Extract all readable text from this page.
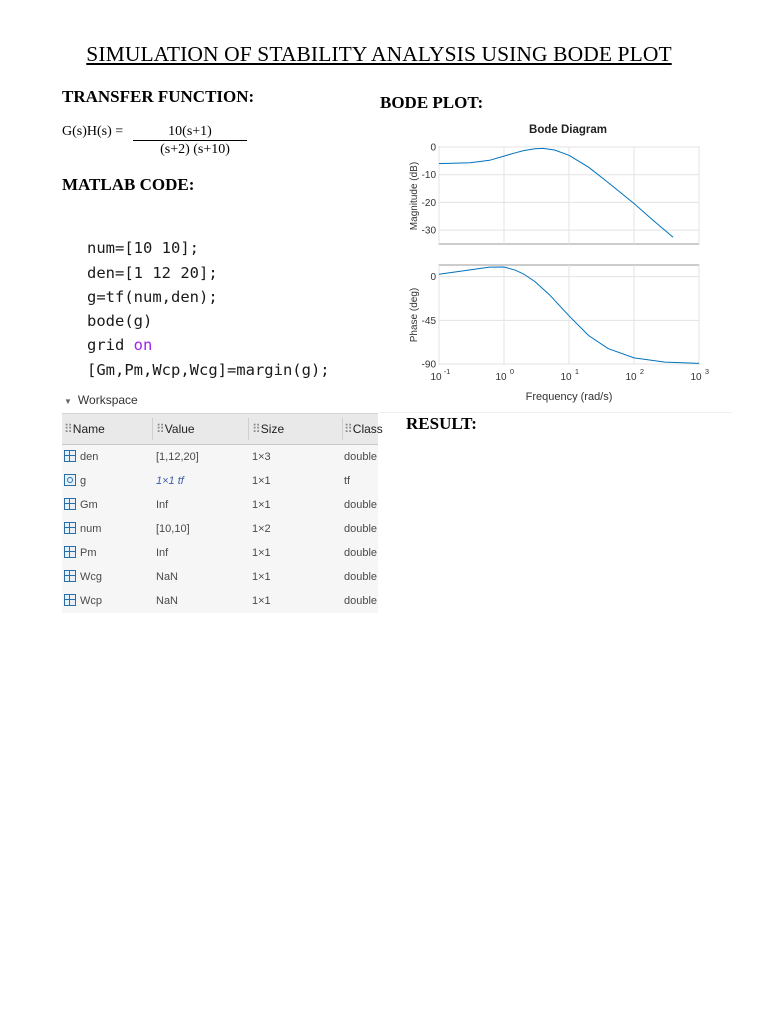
SIMULATION OF STABILITY ANALYSIS USING BODE PLOT
TRANSFER FUNCTION:
G(s)H(s) =	10(s+1)
(s+2) (s+10)
MATLAB CODE:

num=[10 10];
den=[1 12 20];
g=tf(num,den);
bode(g)
grid on
[Gm,Pm,Wcp,Wcg]=margin(g);

▼ Workspace
⠿Name	⠿Value	⠿Size	⠿Class
den	[1,12,20]	1×3	double
g	1×1 tf	1×1	tf
Gm	Inf	1×1	double
num	[10,10]	1×2	double
Pm	Inf	1×1	double
Wcg	NaN	1×1	double
Wcp	NaN	1×1	double
BODE PLOT:
Bode Diagram
0
-10
-20
-30
Magnitude (dB)
0
-45
-90
Phase (deg)
10
-1
10
0
10
1
10
2
10
3
Frequency (rad/s)
RESULT:
